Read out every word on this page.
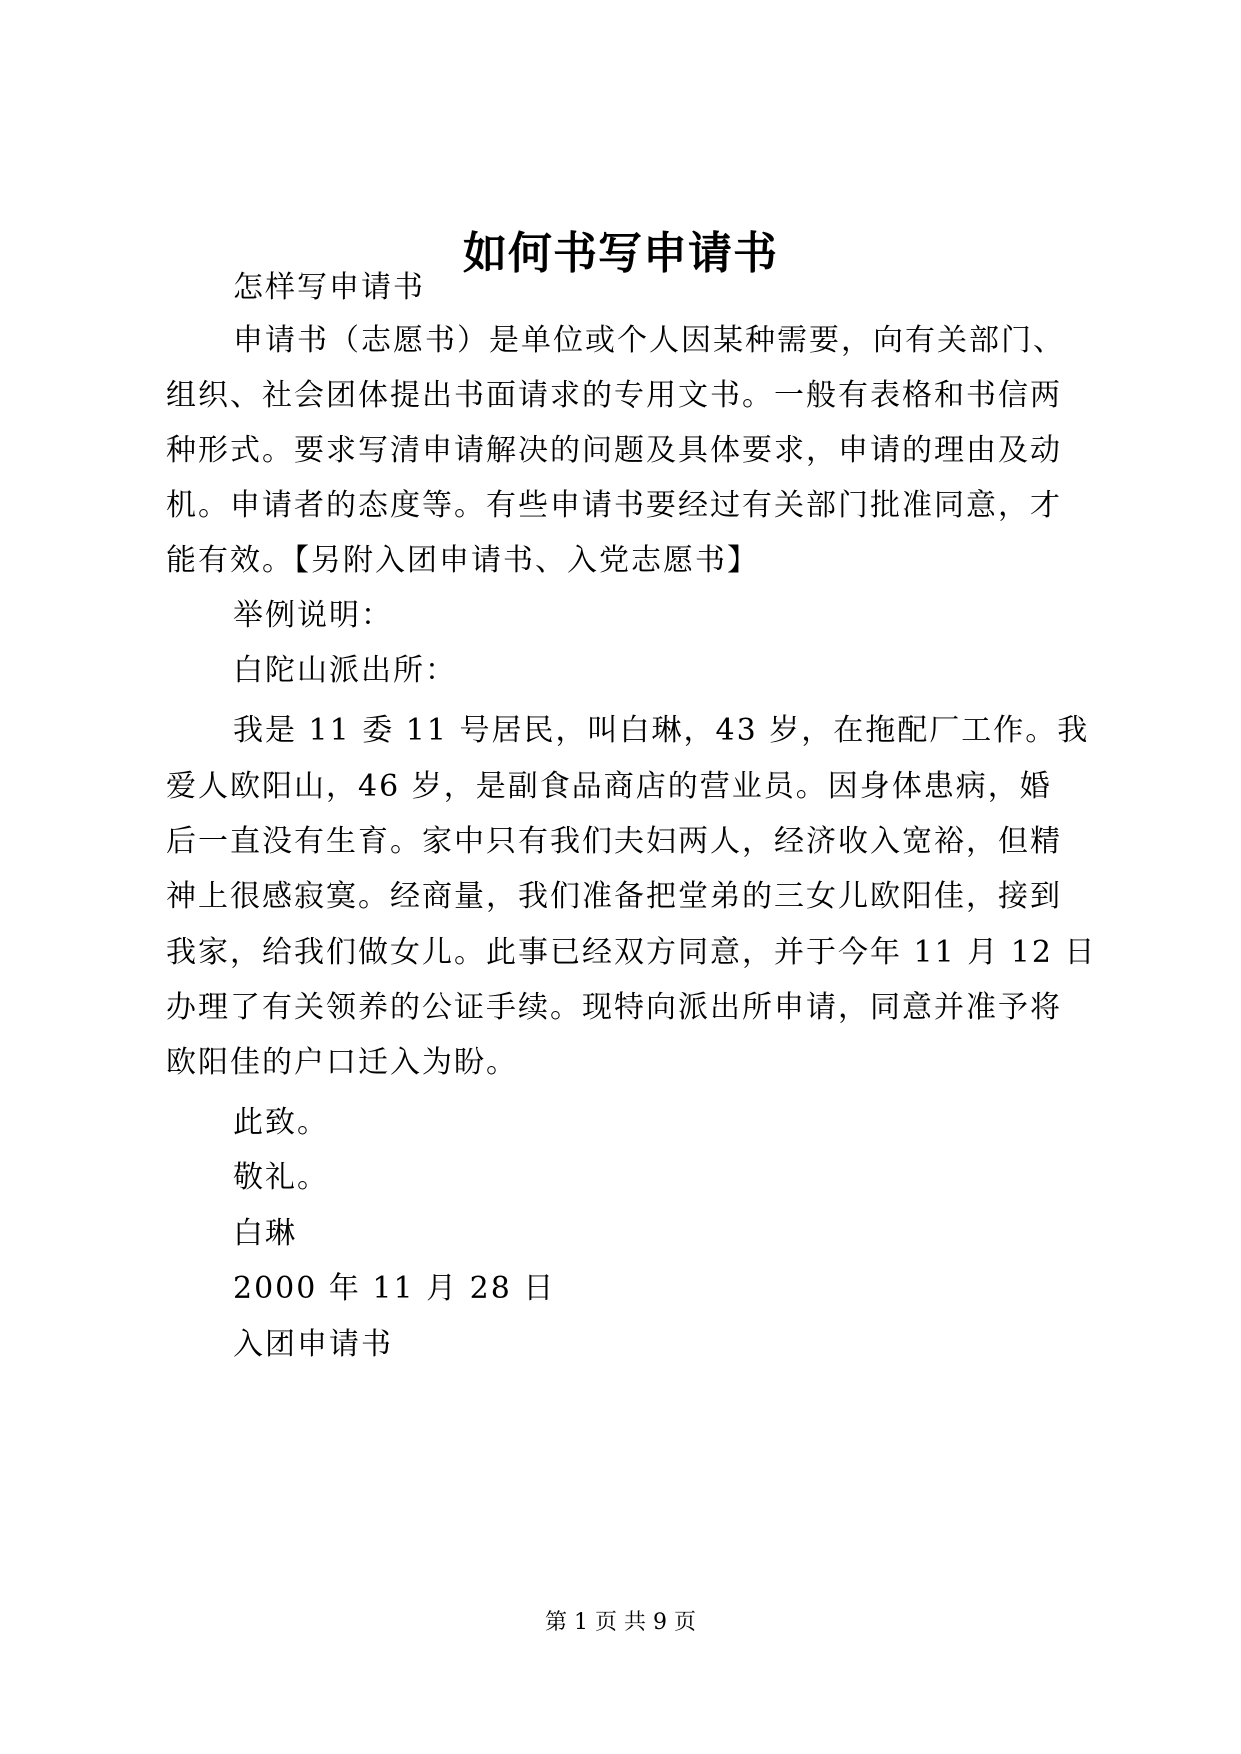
如何书写申请书
怎样写申请书
申请书（志愿书）是单位或个人因某种需要，向有关部门、
组织、社会团体提出书面请求的专用文书。一般有表格和书信两
种形式。要求写清申请解决的问题及具体要求，申请的理由及动
机。申请者的态度等。有些申请书要经过有关部门批准同意，才
能有效。【另附入团申请书、入党志愿书】
举例说明：
白陀山派出所：
我是 11 委 11 号居民，叫白琳，43 岁，在拖配厂工作。我
爱人欧阳山，46 岁，是副食品商店的营业员。因身体患病，婚
后一直没有生育。家中只有我们夫妇两人，经济收入宽裕，但精
神上很感寂寞。经商量，我们准备把堂弟的三女儿欧阳佳，接到
我家，给我们做女儿。此事已经双方同意，并于今年 11 月 12 日
办理了有关领养的公证手续。现特向派出所申请，同意并准予将
欧阳佳的户口迁入为盼。
此致。
敬礼。
白琳
2000 年 11 月 28 日
入团申请书
第 1 页 共 9 页
